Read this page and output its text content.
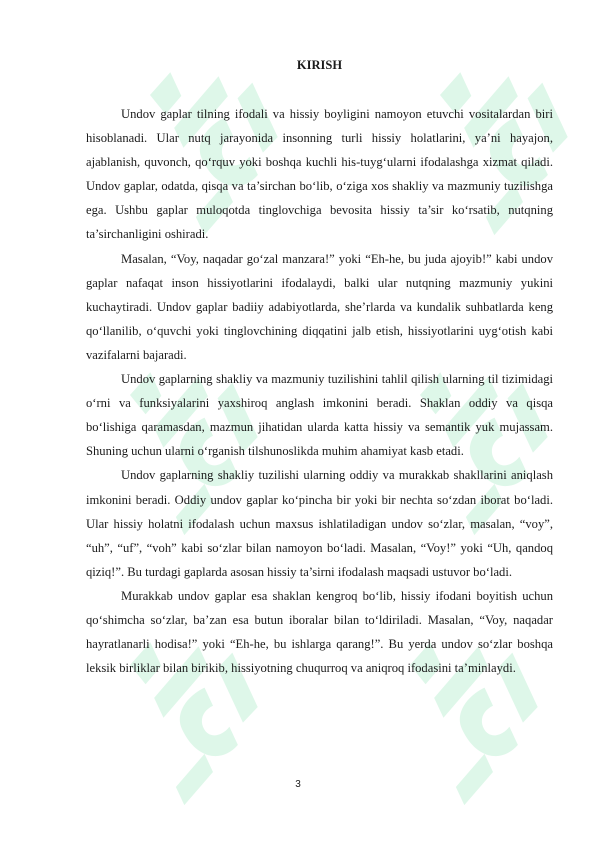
KIRISH

Undov gaplar tilning ifodali va hissiy boyligini namoyon etuvchi vositalardan biri hisoblanadi. Ular nutq jarayonida insonning turli hissiy holatlarini, ya’ni hayajon, ajablanish, quvonch, qo‘rquv yoki boshqa kuchli his-tuyg‘ularni ifodalashga xizmat qiladi. Undov gaplar, odatda, qisqa va ta’sirchan bo‘lib, o‘ziga xos shakliy va mazmuniy tuzilishga ega. Ushbu gaplar muloqotda tinglovchiga bevosita hissiy ta’sir ko‘rsatib, nutqning ta’sirchanligini oshiradi.

Masalan, “Voy, naqadar go‘zal manzara!” yoki “Eh-he, bu juda ajoyib!” kabi undov gaplar nafaqat inson hissiyotlarini ifodalaydi, balki ular nutqning mazmuniy yukini kuchaytiradi. Undov gaplar badiiy adabiyotlarda, she’rlarda va kundalik suhbatlarda keng qo‘llanilib, o‘quvchi yoki tinglovchining diqqatini jalb etish, hissiyotlarini uyg‘otish kabi vazifalarni bajaradi.

Undov gaplarning shakliy va mazmuniy tuzilishini tahlil qilish ularning til tizimidagi o‘rni va funksiyalarini yaxshiroq anglash imkonini beradi. Shaklan oddiy va qisqa bo‘lishiga qaramasdan, mazmun jihatidan ularda katta hissiy va semantik yuk mujassam. Shuning uchun ularni o‘rganish tilshunoslikda muhim ahamiyat kasb etadi.

Undov gaplarning shakliy tuzilishi ularning oddiy va murakkab shakllarini aniqlash imkonini beradi. Oddiy undov gaplar ko‘pincha bir yoki bir nechta so‘zdan iborat bo‘ladi. Ular hissiy holatni ifodalash uchun maxsus ishlatiladigan undov so‘zlar, masalan, “voy”, “uh”, “uf”, “voh” kabi so‘zlar bilan namoyon bo‘ladi. Masalan, “Voy!” yoki “Uh, qandoq qiziq!”. Bu turdagi gaplarda asosan hissiy ta’sirni ifodalash maqsadi ustuvor bo‘ladi.

Murakkab undov gaplar esa shaklan kengroq bo‘lib, hissiy ifodani boyitish uchun qo‘shimcha so‘zlar, ba’zan esa butun iboralar bilan to‘ldiriladi. Masalan, “Voy, naqadar hayratlanarli hodisa!” yoki “Eh-he, bu ishlarga qarang!”. Bu yerda undov so‘zlar boshqa leksik birliklar bilan birikib, hissiyotning chuqurroq va aniqroq ifodasini ta’minlaydi.

3
